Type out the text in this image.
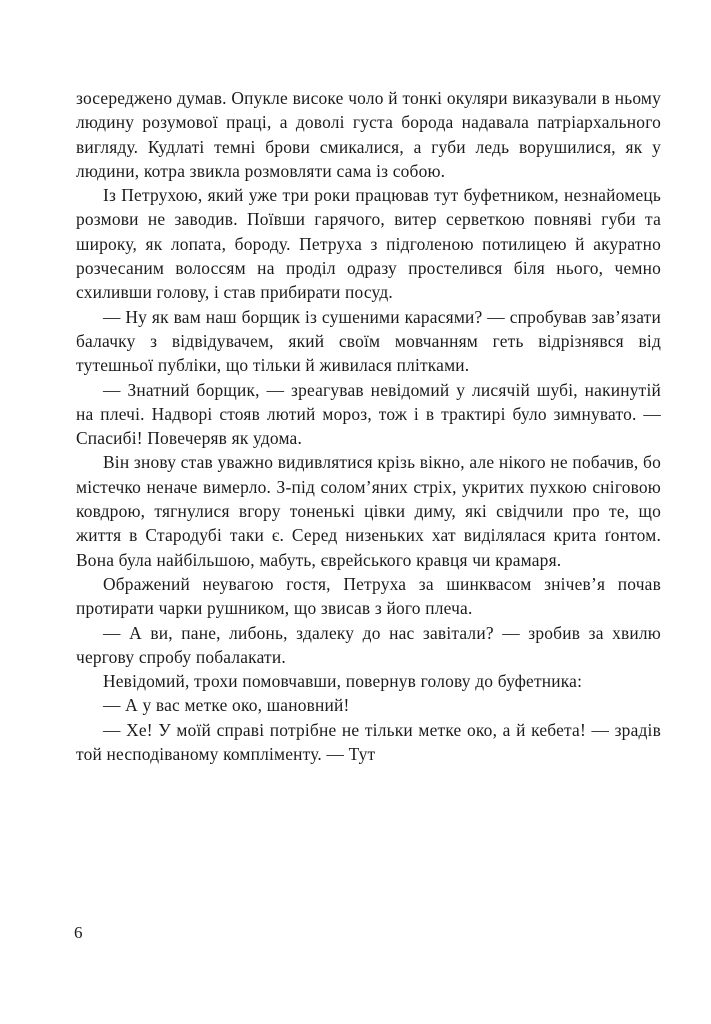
зосереджено думав. Опукле високе чоло й тонкі окуляри виказували в ньому людину розумової праці, а доволі густа борода надавала патріархального вигляду. Кудлаті темні брови смикалися, а губи ледь ворушилися, як у людини, котра звикла розмовляти сама із собою.

Із Петрухою, який уже три роки працював тут буфетником, незнайомець розмови не заводив. Поївши гарячого, витер серветкою повняві губи та широку, як лопата, бороду. Петруха з підголеною потилицею й акуратно розчесаним волоссям на проділ одразу простелився біля нього, чемно схиливши голову, і став прибирати посуд.

— Ну як вам наш борщик із сушеними карасями? — спробував зав’язати балачку з відвідувачем, який своїм мовчанням геть відрізнявся від тутешньої публіки, що тільки й живилася плітками.

— Знатний борщик, — зреагував невідомий у лисячій шубі, накинутій на плечі. Надворі стояв лютий мороз, тож і в трактирі було зимнувато. — Спасибі! Повечеряв як удома.

Він знову став уважно видивлятися крізь вікно, але нікого не побачив, бо містечко неначе вимерло. З-під солом’яних стріх, укритих пухкою сніговою ковдрою, тягнулися вгору тоненькі цівки диму, які свідчили про те, що життя в Стародубі таки є. Серед низеньких хат виділялася крита ґонтом. Вона була найбільшою, мабуть, єврейського кравця чи крамаря.

Ображений неувагою гостя, Петруха за шинквасом знічев’я почав протирати чарки рушником, що звисав з його плеча.

— А ви, пане, либонь, здалеку до нас завітали? — зробив за хвилю чергову спробу побалакати.

Невідомий, трохи помовчавши, повернув голову до буфетника:

— А у вас метке око, шановний!

— Хе! У моїй справі потрібне не тільки метке око, а й кебета! — зрадів той несподіваному компліменту. — Тут

6
